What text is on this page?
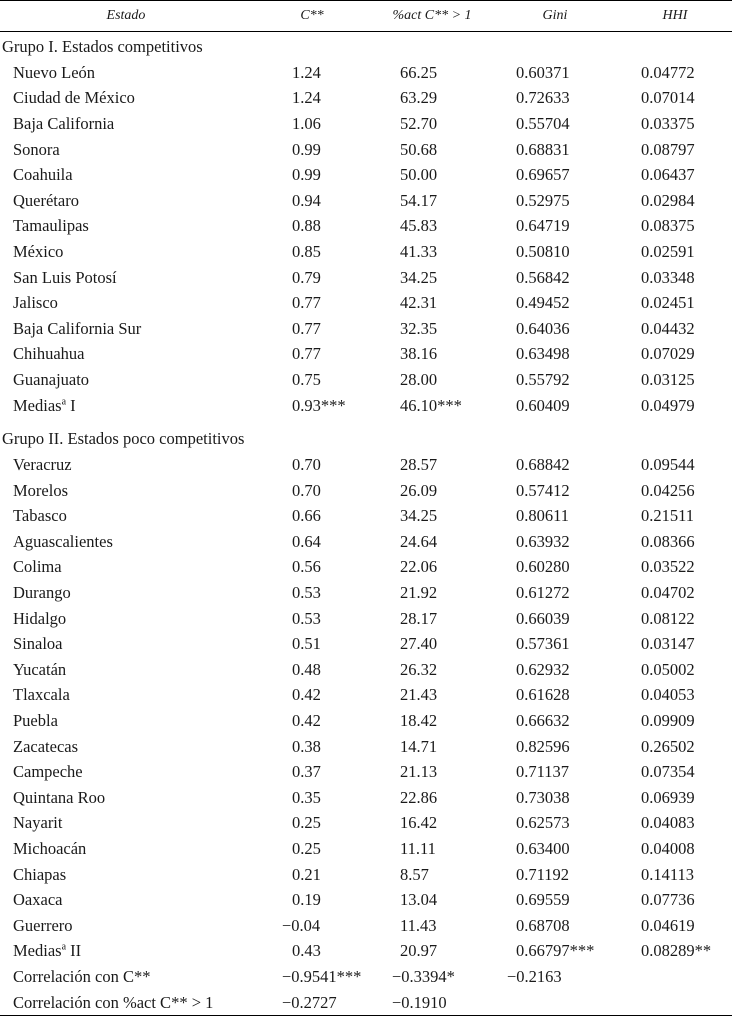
Estado	C**	%act C** > 1	Gini	HHI
Grupo I. Estados competitivos				
Nuevo León	1.24	66.25	0.60371	0.04772
Ciudad de México	1.24	63.29	0.72633	0.07014
Baja California	1.06	52.70	0.55704	0.03375
Sonora	0.99	50.68	0.68831	0.08797
Coahuila	0.99	50.00	0.69657	0.06437
Querétaro	0.94	54.17	0.52975	0.02984
Tamaulipas	0.88	45.83	0.64719	0.08375
México	0.85	41.33	0.50810	0.02591
San Luis Potosí	0.79	34.25	0.56842	0.03348
Jalisco	0.77	42.31	0.49452	0.02451
Baja California Sur	0.77	32.35	0.64036	0.04432
Chihuahua	0.77	38.16	0.63498	0.07029
Guanajuato	0.75	28.00	0.55792	0.03125
Medias$^a$ I	0.93***	46.10***	0.60409	0.04979

Grupo II. Estados poco competitivos				
Veracruz	0.70	28.57	0.68842	0.09544
Morelos	0.70	26.09	0.57412	0.04256
Tabasco	0.66	34.25	0.80611	0.21511
Aguascalientes	0.64	24.64	0.63932	0.08366
Colima	0.56	22.06	0.60280	0.03522
Durango	0.53	21.92	0.61272	0.04702
Hidalgo	0.53	28.17	0.66039	0.08122
Sinaloa	0.51	27.40	0.57361	0.03147
Yucatán	0.48	26.32	0.62932	0.05002
Tlaxcala	0.42	21.43	0.61628	0.04053
Puebla	0.42	18.42	0.66632	0.09909
Zacatecas	0.38	14.71	0.82596	0.26502
Campeche	0.37	21.13	0.71137	0.07354
Quintana Roo	0.35	22.86	0.73038	0.06939
Nayarit	0.25	16.42	0.62573	0.04083
Michoacán	0.25	11.11	0.63400	0.04008
Chiapas	0.21	8.57	0.71192	0.14113
Oaxaca	0.19	13.04	0.69559	0.07736
Guerrero	−0.04	11.43	0.68708	0.04619
Medias$^a$ II	0.43	20.97	0.66797***	0.08289**
Correlación con C**	−0.9541***	−0.3394*	−0.2163	
Correlación con %act C** > 1	−0.2727	−0.1910		
